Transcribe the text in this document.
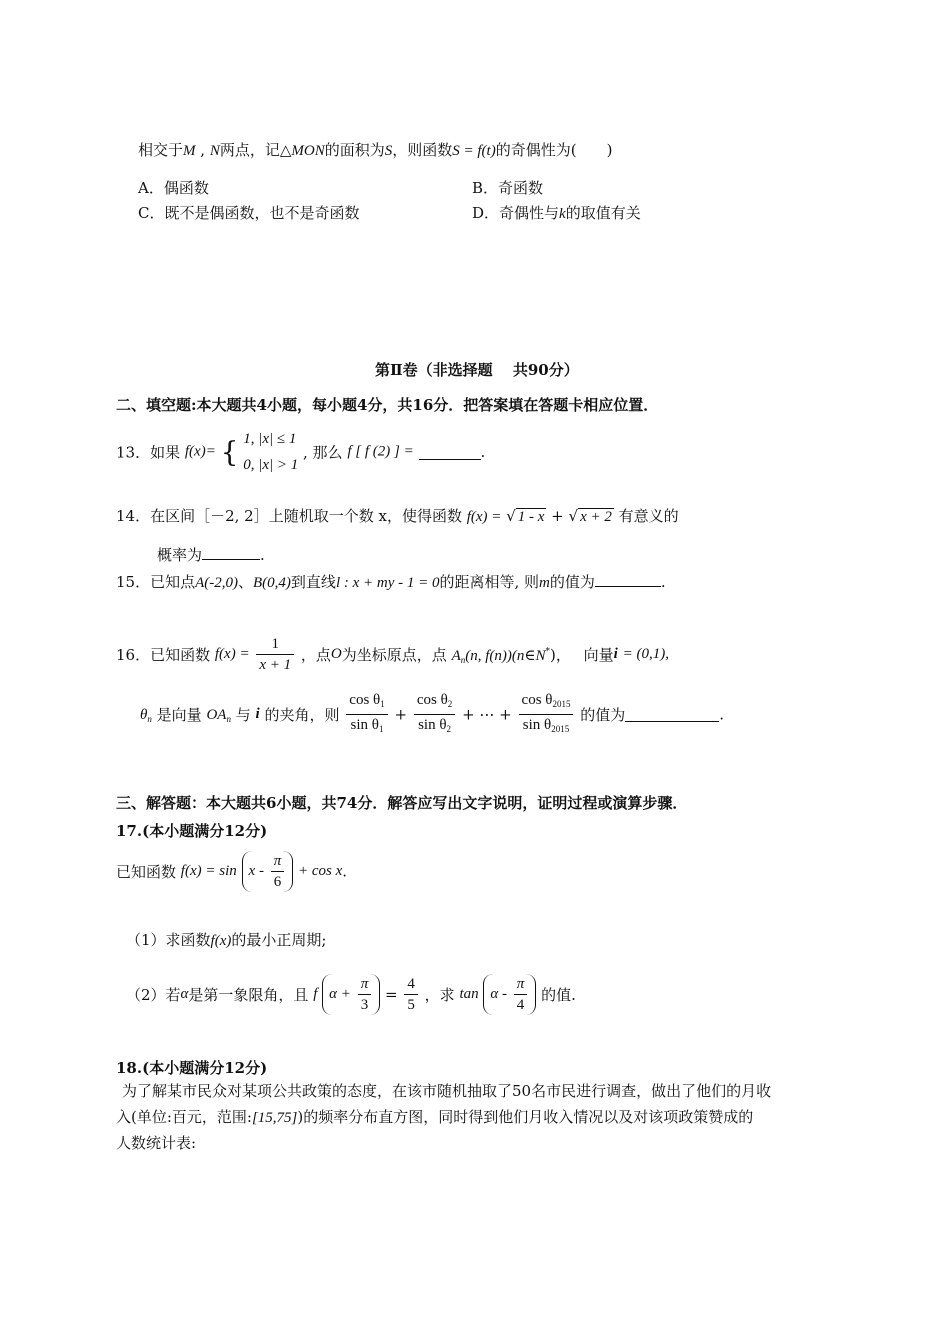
相交于M , N两点，记△MON的面积为S，则函数S = f(t)的奇偶性为(　　)
A．偶函数	B．奇函数
C．既不是偶函数，也不是奇函数	D．奇偶性与k的取值有关
第Ⅱ卷（非选择题　 共90分）
二、填空题:本大题共4小题，每小题4分，共16分．把答案填在答题卡相应位置．
13．如果 f(x)= { 1, |x| ≤ 1
0, |x| > 1
, 那么 f [ f (2) ] =	.
14．在区间［－2, 2］上随机取一个数 x，使得函数 f(x) = √ 1 - x + √ x + 2 有意义的
概率为	.
15．已知点A(-2,0)、B(0,4)到直线l : x + my - 1 = 0的距离相等, 则m的值为	.
16．已知函数 $f(x) = \frac{1}{x + 1}$ ，点O为坐标原点，点 $A_n(n$, f(n))(n∈N*)， 向量i = (0,1),
$\theta_n$ 是向量 $OA_n$ 与 i 的夹角，则 $\frac{\cos \theta_1}{\sin \theta_1} + \frac{\cos \theta_2}{\sin \theta_2}$ + ⋯ + $\frac{\cos \theta_{2015}}{\sin \theta_{2015}}$ 的值为	.
三、解答题：本大题共6小题，共74分．解答应写出文字说明，证明过程或演算步骤．
17.(本小题满分12分)
已知函数 $f(x) = \sin x - \frac{\pi}{6} + \cos x$.
（1）求函数f(x)的最小正周期;
（2）若α是第一象限角，且 f $\alpha + \frac{\pi}{3} = \frac{4}{5}$ ，求 tan α - $\frac{\pi}{4}$ 的值.
18.(本小题满分12分)
为了解某市民众对某项公共政策的态度，在该市随机抽取了50名市民进行调查，做出了他们的月收
入(单位:百元，范围:[15,75])的频率分布直方图，同时得到他们月收入情况以及对该项政策赞成的
人数统计表:
